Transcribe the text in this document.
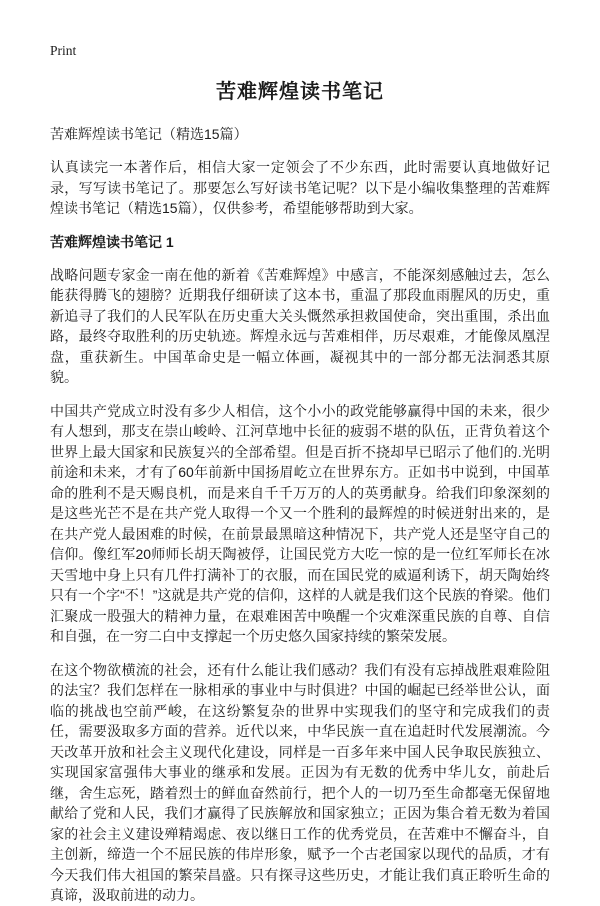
Print
苦难辉煌读书笔记

苦难辉煌读书笔记（精选15篇）

认真读完一本著作后，相信大家一定领会了不少东西，此时需要认真地做好记录，写写读书笔记了。那要怎么写好读书笔记呢？以下是小编收集整理的苦难辉煌读书笔记（精选15篇），仅供参考，希望能够帮助到大家。

苦难辉煌读书笔记 1

战略问题专家金一南在他的新着《苦难辉煌》中感言，不能深刻感触过去，怎么能获得腾飞的翅膀？近期我仔细研读了这本书，重温了那段血雨腥风的历史，重新追寻了我们的人民军队在历史重大关头慨然承担救国使命，突出重围，杀出血路，最终夺取胜利的历史轨迹。辉煌永远与苦难相伴，历尽艰难，才能像凤凰涅盘，重获新生。中国革命史是一幅立体画，凝视其中的一部分都无法洞悉其原貌。

中国共产党成立时没有多少人相信，这个小小的政党能够赢得中国的未来，很少有人想到，那支在崇山峻岭、江河草地中长征的疲弱不堪的队伍，正背负着这个世界上最大国家和民族复兴的全部希望。但是百折不挠却早已昭示了他们的.光明前途和未来，才有了60年前新中国扬眉屹立在世界东方。正如书中说到，中国革命的胜利不是天赐良机，而是来自千千万万的人的英勇献身。给我们印象深刻的是这些光芒不是在共产党人取得一个又一个胜利的最辉煌的时候迸射出来的，是在共产党人最困难的时候，在前景最黑暗这种情况下，共产党人还是坚守自己的信仰。像红军20师师长胡天陶被俘，让国民党方大吃一惊的是一位红军师长在冰天雪地中身上只有几件打满补丁的衣服，而在国民党的威逼利诱下，胡天陶始终只有一个字“不！”这就是共产党的信仰，这样的人就是我们这个民族的脊梁。他们汇聚成一股强大的精神力量，在艰难困苦中唤醒一个灾难深重民族的自尊、自信和自强，在一穷二白中支撑起一个历史悠久国家持续的繁荣发展。

在这个物欲横流的社会，还有什么能让我们感动？我们有没有忘掉战胜艰难险阻的法宝？我们怎样在一脉相承的事业中与时俱进？中国的崛起已经举世公认，面临的挑战也空前严峻，在这纷繁复杂的世界中实现我们的坚守和完成我们的责任，需要汲取多方面的营养。近代以来，中华民族一直在追赶时代发展潮流。今天改革开放和社会主义现代化建设，同样是一百多年来中国人民争取民族独立、实现国家富强伟大事业的继承和发展。正因为有无数的优秀中华儿女，前赴后继，舍生忘死，踏着烈士的鲜血奋然前行，把个人的一切乃至生命都毫无保留地献给了党和人民，我们才赢得了民族解放和国家独立；正因为集合着无数为着国家的社会主义建设殚精竭虑、夜以继日工作的优秀党员，在苦难中不懈奋斗，自主创新，缔造一个不屈民族的伟岸形象，赋予一个古老国家以现代的品质，才有今天我们伟大祖国的繁荣昌盛。只有探寻这些历史，才能让我们真正聆听生命的真谛，汲取前进的动力。
